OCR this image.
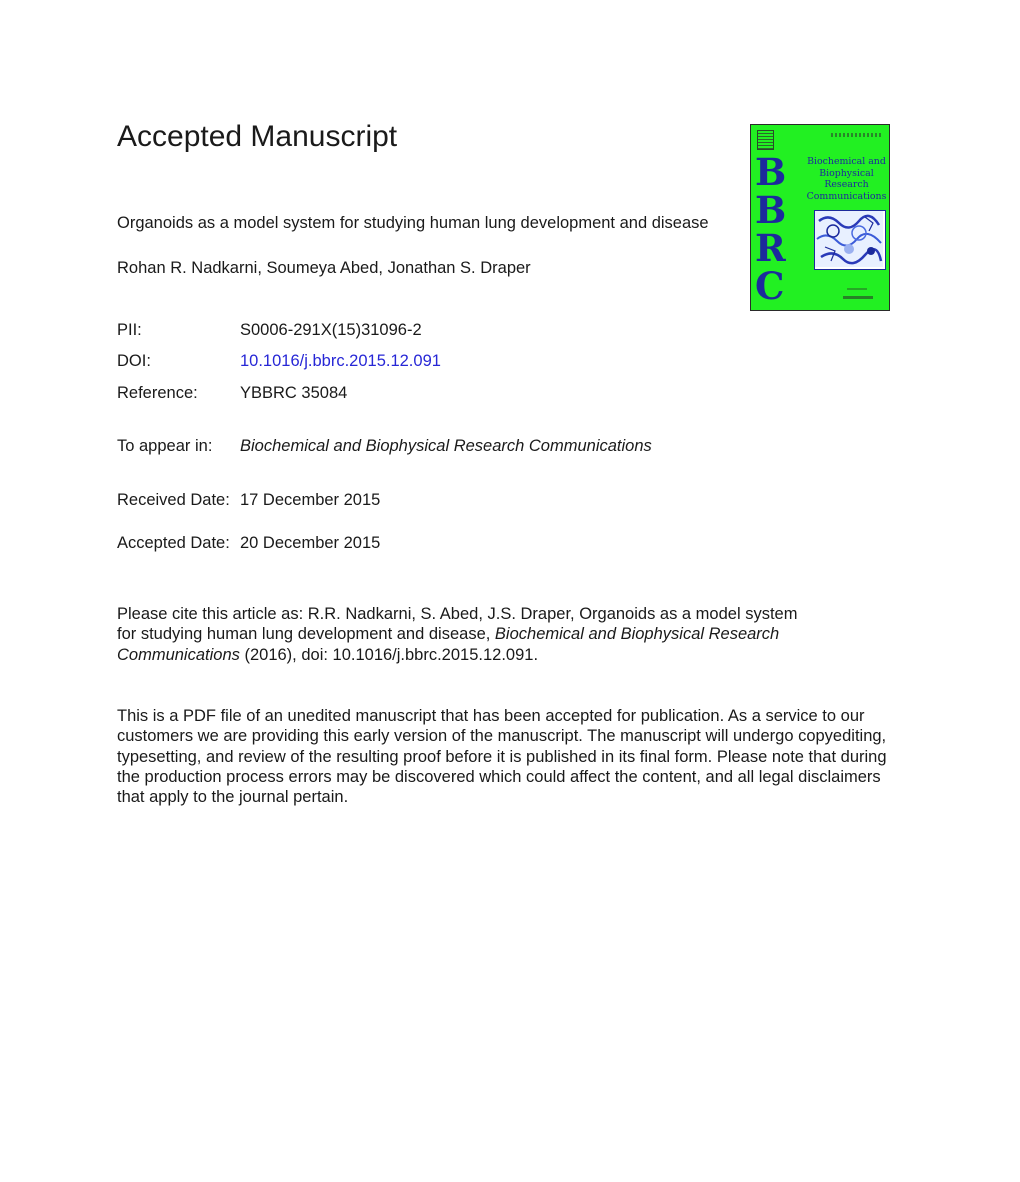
Accepted Manuscript

Organoids as a model system for studying human lung development and disease

Rohan R. Nadkarni, Soumeya Abed, Jonathan S. Draper
PII:	S0006-291X(15)31096-2
DOI:	10.1016/j.bbrc.2015.12.091
Reference:	YBBRC 35084
To appear in: Biochemical and Biophysical Research Communications
Received Date: 17 December 2015
Accepted Date: 20 December 2015

Please cite this article as: R.R. Nadkarni, S. Abed, J.S. Draper, Organoids as a model system for studying human lung development and disease, Biochemical and Biophysical Research Communications (2016), doi: 10.1016/j.bbrc.2015.12.091.

This is a PDF file of an unedited manuscript that has been accepted for publication. As a service to our customers we are providing this early version of the manuscript. The manuscript will undergo copyediting, typesetting, and review of the resulting proof before it is published in its final form. Please note that during the production process errors may be discovered which could affect the content, and all legal disclaimers that apply to the journal pertain.

B
B
R
C
Biochemical and
Biophysical
Research
Communications
